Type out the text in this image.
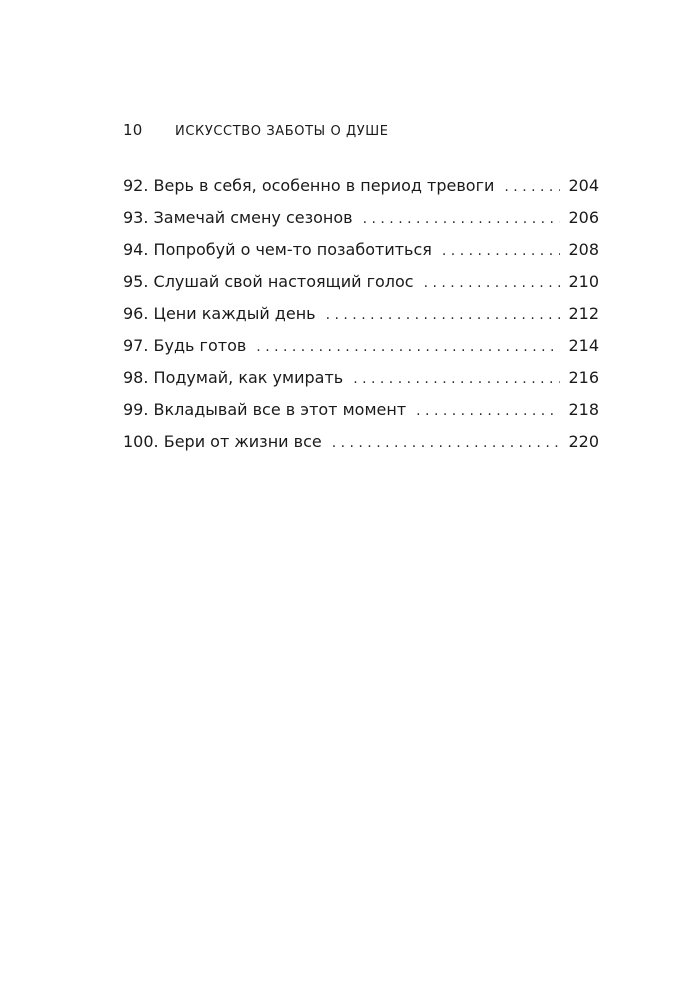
10	ИСКУССТВО ЗАБОТЫ О ДУШЕ
92. Верь в себя, особенно в период тревоги . . .	204
93. Замечай смену сезонов . . .	206
94. Попробуй о чем-то позаботиться . . .	208
95. Слушай свой настоящий голос . . .	210
96. Цени каждый день . . .	212
97. Будь готов . . .	214
98. Подумай, как умирать . . .	216
99. Вкладывай все в этот момент . . .	218
100. Бери от жизни все . . .	220
